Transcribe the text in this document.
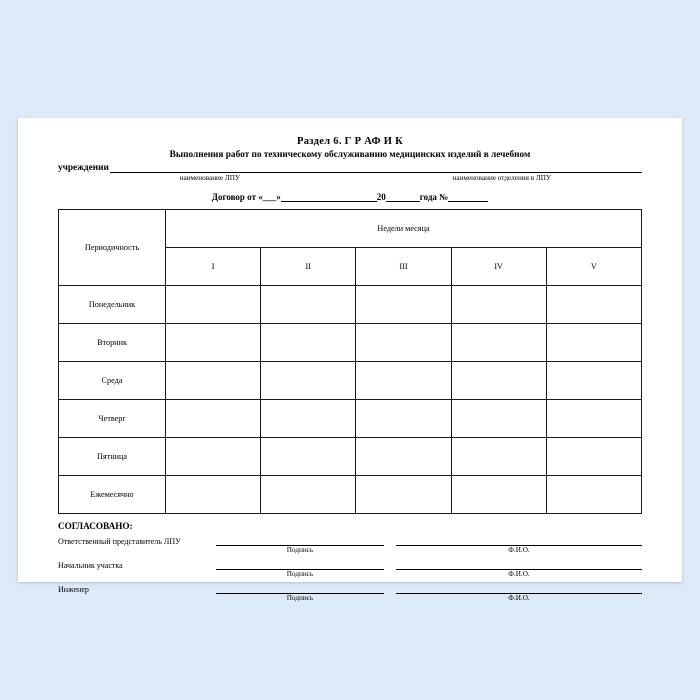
Раздел 6. Г Р АФ И К
Выполнения работ по техническому обслуживанию медицинских изделий в лечебном
учреждении
наименование ЛПУ	наименование отделения в ЛПУ
Договор от «___»	20	года №
Периодичность	Недели месяца				
	I	II	III	IV	V
Понедельник					
Вторник					
Среда					
Четверг					
Пятница					
Ежемесячно					
СОГЛАСОВАНО:
Ответственный представитель ЛПУ
Подпись	Ф.И.О.
Начальник участка
Подпись	Ф.И.О.
Инженер
Подпись	Ф.И.О.
